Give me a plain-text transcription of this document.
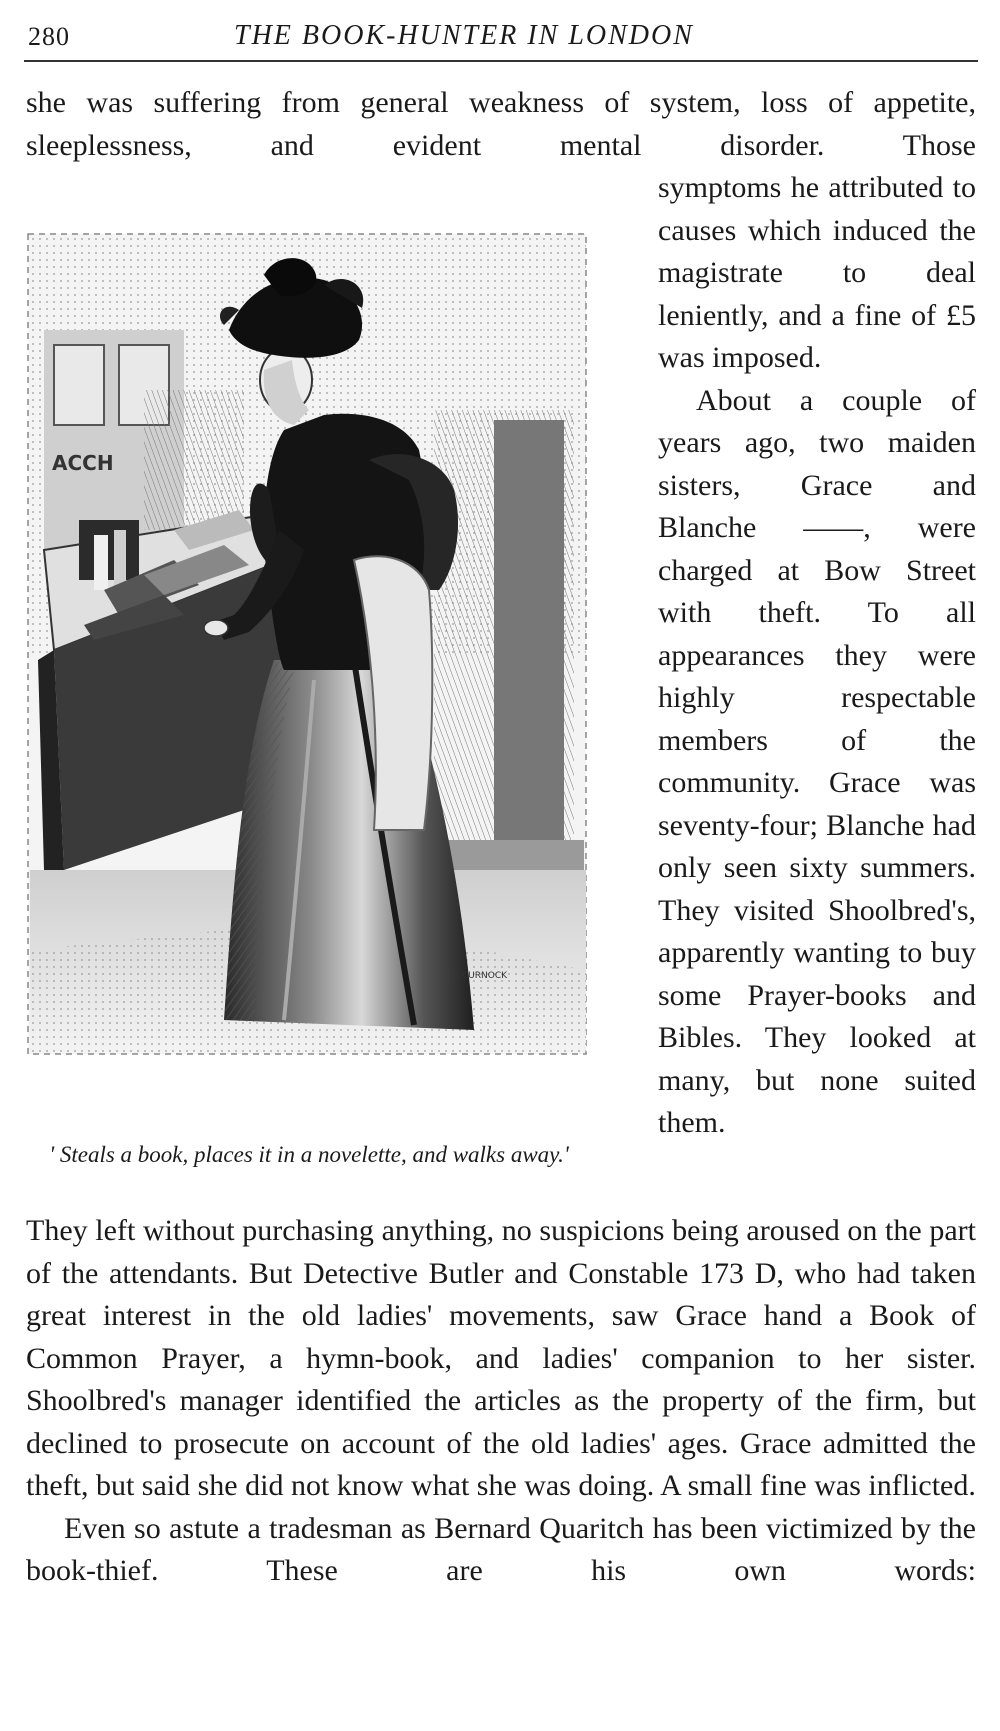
280	THE BOOK-HUNTER IN LONDON
she was suffering from general weakness of system, loss of appetite, sleeplessness, and evident mental disorder. Those
ACCH
L.CURNOCK
' Steals a book, places it in a novelette, and walks away.'

symptoms he attributed to causes which induced the magistrate to deal leniently, and a fine of £5 was imposed.

About a couple of years ago, two maiden sisters, Grace and Blanche ——, were charged at Bow Street with theft. To all appearances they were highly respectable members of the community. Grace was seventy-four; Blanche had only seen sixty summers. They visited Shoolbred's, apparently wanting to buy some Prayer-books and Bibles. They looked at many, but none suited them.

They left without purchasing anything, no suspicions being aroused on the part of the attendants. But Detective Butler and Constable 173 D, who had taken great interest in the old ladies' movements, saw Grace hand a Book of Common Prayer, a hymn-book, and ladies' companion to her sister. Shoolbred's manager identified the articles as the property of the firm, but declined to prosecute on account of the old ladies' ages. Grace admitted the theft, but said she did not know what she was doing. A small fine was inflicted.

Even so astute a tradesman as Bernard Quaritch has been victimized by the book-thief. These are his own words:
